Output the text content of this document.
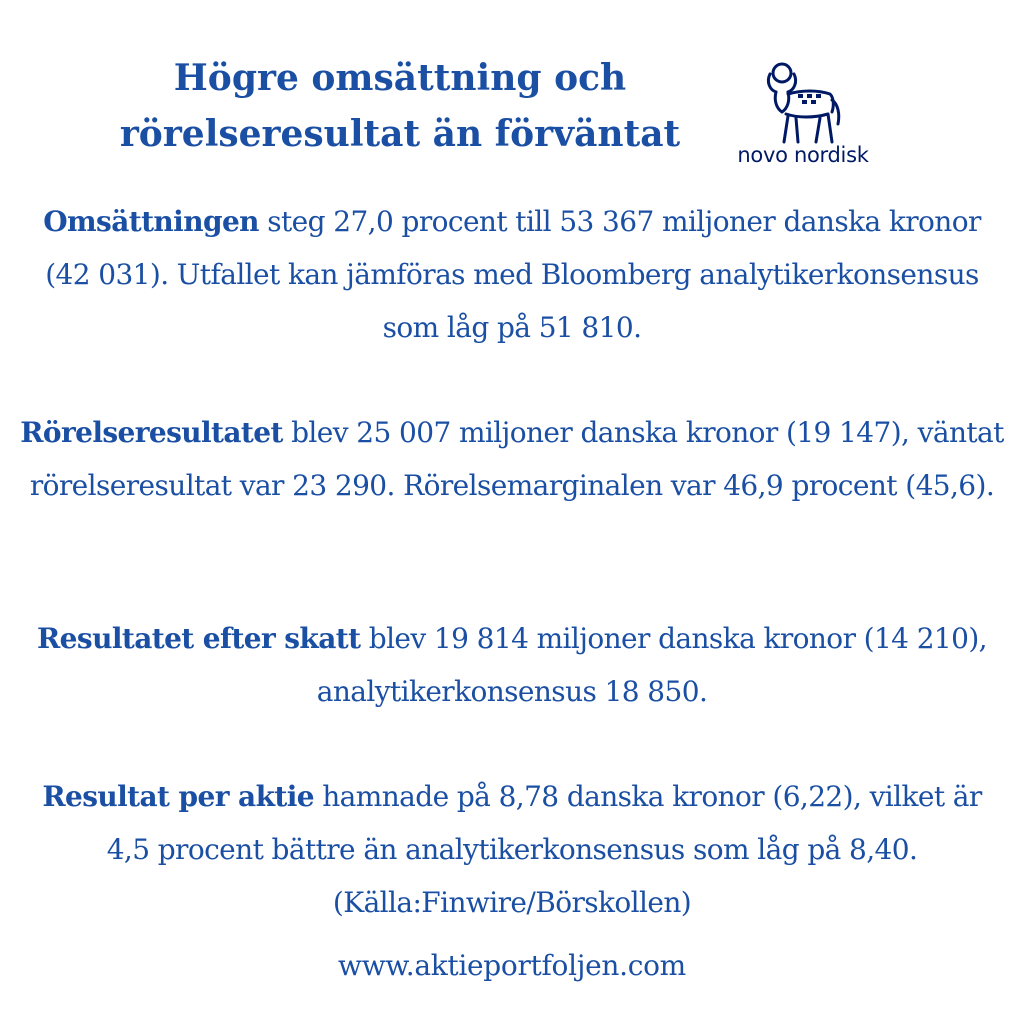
Högre omsättning och
rörelseresultat än förväntat	novo nordisk

Omsättningen steg 27,0 procent till 53 367 miljoner danska kronor (42 031). Utfallet kan jämföras med Bloomberg analytikerkonsensus som låg på 51 810.

Rörelseresultatet blev 25 007 miljoner danska kronor (19 147), väntat rörelseresultat var 23 290. Rörelsemarginalen var 46,9 procent (45,6).

Resultatet efter skatt blev 19 814 miljoner danska kronor (14 210), analytikerkonsensus 18 850.

Resultat per aktie hamnade på 8,78 danska kronor (6,22), vilket är 4,5 procent bättre än analytikerkonsensus som låg på 8,40. (Källa:Finwire/Börskollen)

www.aktieportfoljen.com
